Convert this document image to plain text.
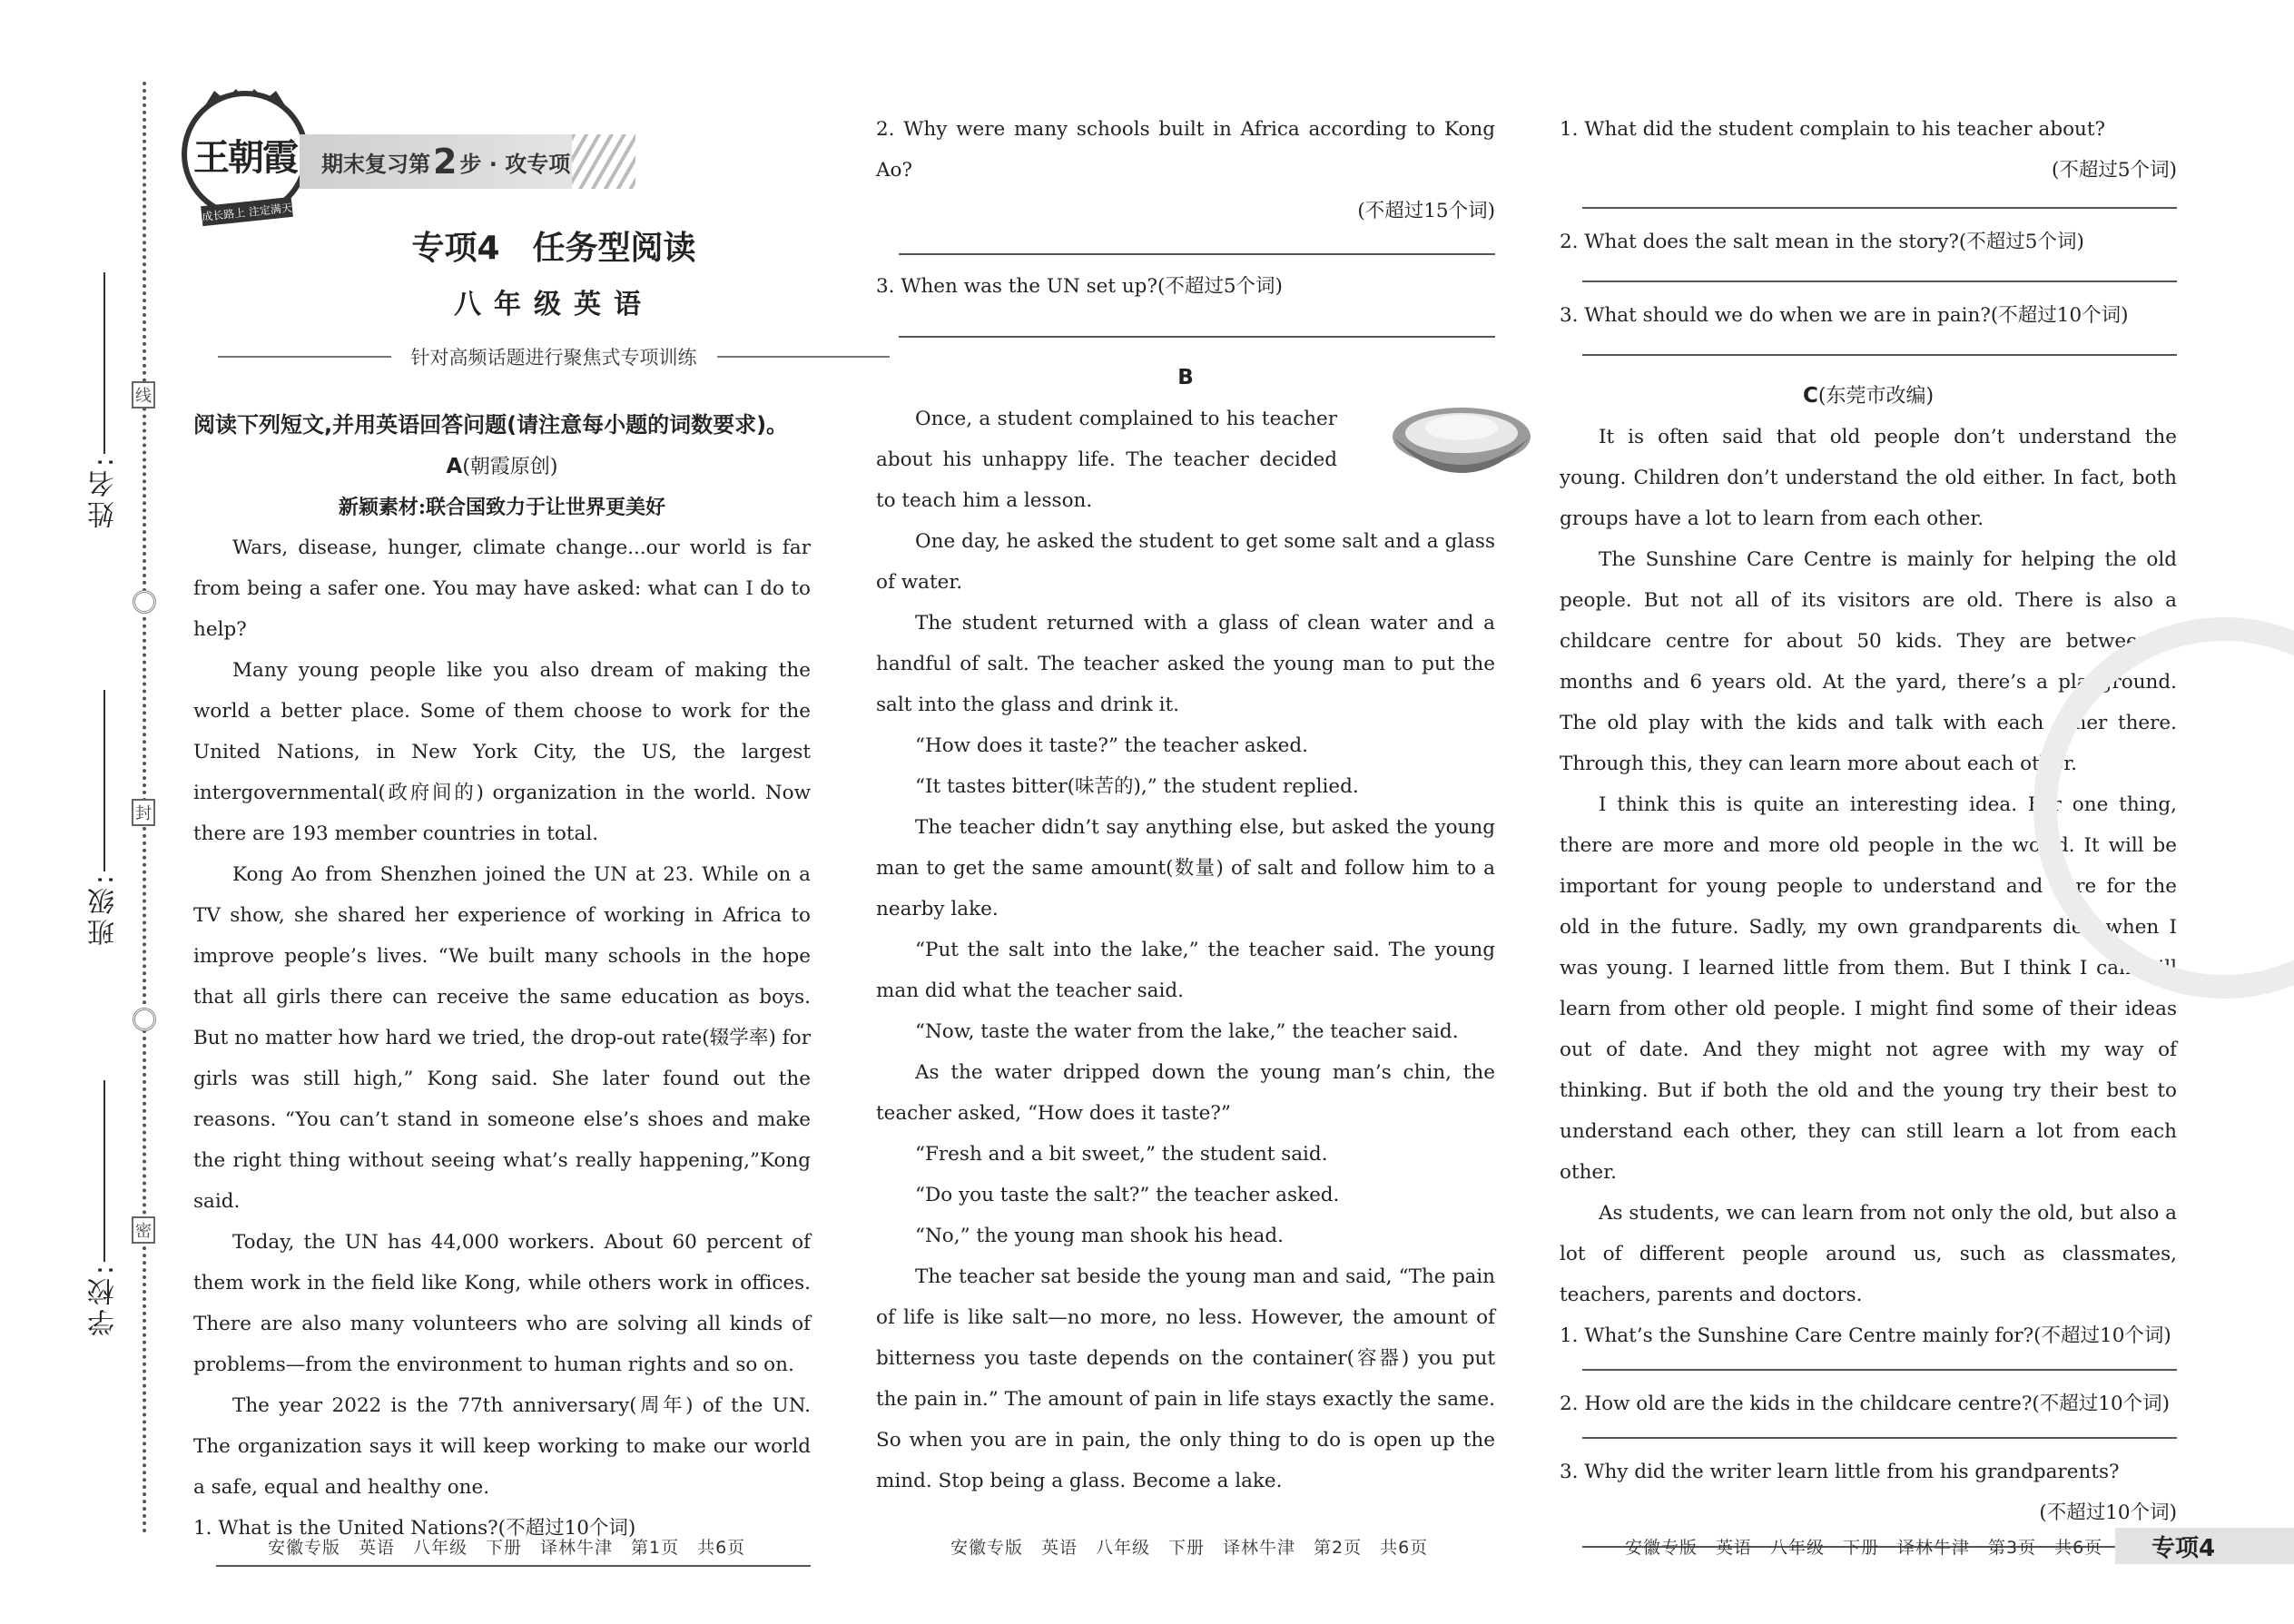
姓名:
班级:
学校:
线
封
密
王朝霞
成长路上 注定满天
期末复习第 2 步 · 攻专项
专项4　任务型阅读
八年级英语
针对高频话题进行聚焦式专项训练
阅读下列短文,并用英语回答问题(请注意每小题的词数要求)。
A(朝霞原创)
新颖素材:联合国致力于让世界更美好

Wars, disease, hunger, climate change...our world is far from being a safer one. You may have asked: what can I do to help?

Many young people like you also dream of making the world a better place. Some of them choose to work for the United Nations, in New York City, the US, the largest intergovernmental(政府间的) organization in the world. Now there are 193 member countries in total.

Kong Ao from Shenzhen joined the UN at 23. While on a TV show, she shared her experience of working in Africa to improve people’s lives. “We built many schools in the hope that all girls there can receive the same education as boys. But no matter how hard we tried, the drop-out rate(辍学率) for girls was still high,” Kong said. She later found out the reasons. “You can’t stand in someone else’s shoes and make the right thing without seeing what’s really happening,”Kong said.

Today, the UN has 44,000 workers. About 60 percent of them work in the field like Kong, while others work in offices. There are also many volunteers who are solving all kinds of problems—from the environment to human rights and so on.

The year 2022 is the 77th anniversary(周年) of the UN. The organization says it will keep working to make our world a safe, equal and healthy one.

1. What is the United Nations?(不超过10个词)

2. Why were many schools built in Africa according to Kong Ao?

(不超过15个词)

3. When was the UN set up?(不超过5个词)

B

Once, a student complained to his teacher about his unhappy life. The teacher decided to teach him a lesson.

One day, he asked the student to get some salt and a glass of water.

The student returned with a glass of clean water and a handful of salt. The teacher asked the young man to put the salt into the glass and drink it.

“How does it taste?” the teacher asked.

“It tastes bitter(味苦的),” the student replied.

The teacher didn’t say anything else, but asked the young man to get the same amount(数量) of salt and follow him to a nearby lake.

“Put the salt into the lake,” the teacher said. The young man did what the teacher said.

“Now, taste the water from the lake,” the teacher said.

As the water dripped down the young man’s chin, the teacher asked, “How does it taste?”

“Fresh and a bit sweet,” the student said.

“Do you taste the salt?” the teacher asked.

“No,” the young man shook his head.

The teacher sat beside the young man and said, “The pain of life is like salt—no more, no less. However, the amount of bitterness you taste depends on the container(容器) you put the pain in.” The amount of pain in life stays exactly the same. So when you are in pain, the only thing to do is open up the mind. Stop being a glass. Become a lake.

1. What did the student complain to his teacher about?

(不超过5个词)

2. What does the salt mean in the story?(不超过5个词)

3. What should we do when we are in pain?(不超过10个词)

C(东莞市改编)

It is often said that old people don’t understand the young. Children don’t understand the old either. In fact, both groups have a lot to learn from each other.

The Sunshine Care Centre is mainly for helping the old people. But not all of its visitors are old. There is also a childcare centre for about 50 kids. They are between 2 months and 6 years old. At the yard, there’s a playground. The old play with the kids and talk with each other there. Through this, they can learn more about each other.

I think this is quite an interesting idea. For one thing, there are more and more old people in the world. It will be important for young people to understand and care for the old in the future. Sadly, my own grandparents died when I was young. I learned little from them. But I think I can still learn from other old people. I might find some of their ideas out of date. And they might not agree with my way of thinking. But if both the old and the young try their best to understand each other, they can still learn a lot from each other.

As students, we can learn from not only the old, but also a lot of different people around us, such as classmates, teachers, parents and doctors.

1. What’s the Sunshine Care Centre mainly for?(不超过10个词)

2. How old are the kids in the childcare centre?(不超过10个词)

3. Why did the writer learn little from his grandparents?

(不超过10个词)

安徽专版　英语　八年级　下册　译林牛津　第1页　共6页	安徽专版　英语　八年级　下册　译林牛津　第2页　共6页	安徽专版　英语　八年级　下册　译林牛津　第3页　共6页 专项4
